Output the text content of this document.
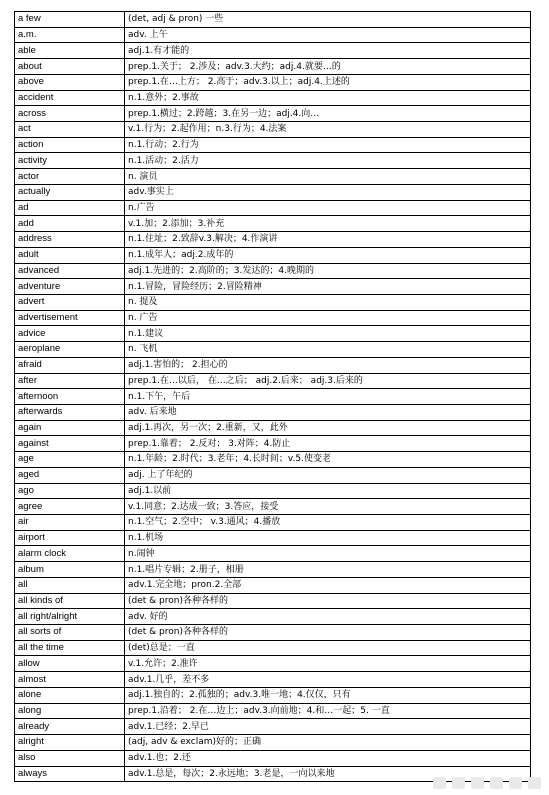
a few	(det, adj & pron) 一些
a.m.	adv. 上午
able	adj.1.有才能的
about	prep.1.关于； 2.涉及；adv.3.大约；adj.4.就要…的
above	prep.1.在…上方； 2.高于；adv.3.以上；adj.4.上述的
accident	n.1.意外；2.事故
across	prep.1.横过；2.跨越；3.在另一边；adj.4.向…
act	v.1.行为；2.起作用；n.3.行为；4.法案
action	n.1.行动；2.行为
activity	n.1.活动；2.活力
actor	n. 演员
actually	adv.事实上
ad	n.广告
add	v.1.加；2.添加；3.补充
address	n.1.住址；2.致辞v.3.解决；4.作演讲
adult	n.1.成年人；adj.2.成年的
advanced	adj.1.先进的；2.高阶的；3.发达的；4.晚期的
adventure	n.1.冒险，冒险经历；2.冒险精神
advert	n. 提及
advertisement	n. 广告
advice	n.1.建议
aeroplane	n. 飞机
afraid	adj.1.害怕的； 2.担心的
after	prep.1.在…以后， 在…之后； adj.2.后来； adj.3.后来的
afternoon	n.1.下午，午后
afterwards	adv. 后来地
again	adj.1.再次，另一次；2.重新，又，此外
against	prep.1.靠着； 2.反对； 3.对阵；4.防止
age	n.1.年龄；2.时代；3.老年；4.长时间；v.5.使变老
aged	adj. 上了年纪的
ago	adj.1.以前
agree	v.1.同意；2.达成一致；3.答应，接受
air	n.1.空气；2.空中； v.3.通风；4.播放
airport	n.1.机场
alarm clock	n.闹钟
album	n.1.唱片专辑；2.册子，相册
all	adv.1.完全地；pron.2.全部
all kinds of	(det & pron)各种各样的
all right/alright	adv. 好的
all sorts of	(det & pron)各种各样的
all the time	(det)总是；一直
allow	v.1.允许；2.准许
almost	adv.1.几乎，差不多
alone	adj.1.独自的；2.孤独的；adv.3.唯一地；4.仅仅，只有
along	prep.1.沿着； 2.在…边上；adv.3.向前地；4.和…一起；5. 一直
already	adv.1.已经；2.早已
alright	(adj, adv & exclam)好的；正确
also	adv.1.也；2.还
always	adv.1.总是，每次；2.永远地；3.老是，一向以来地
